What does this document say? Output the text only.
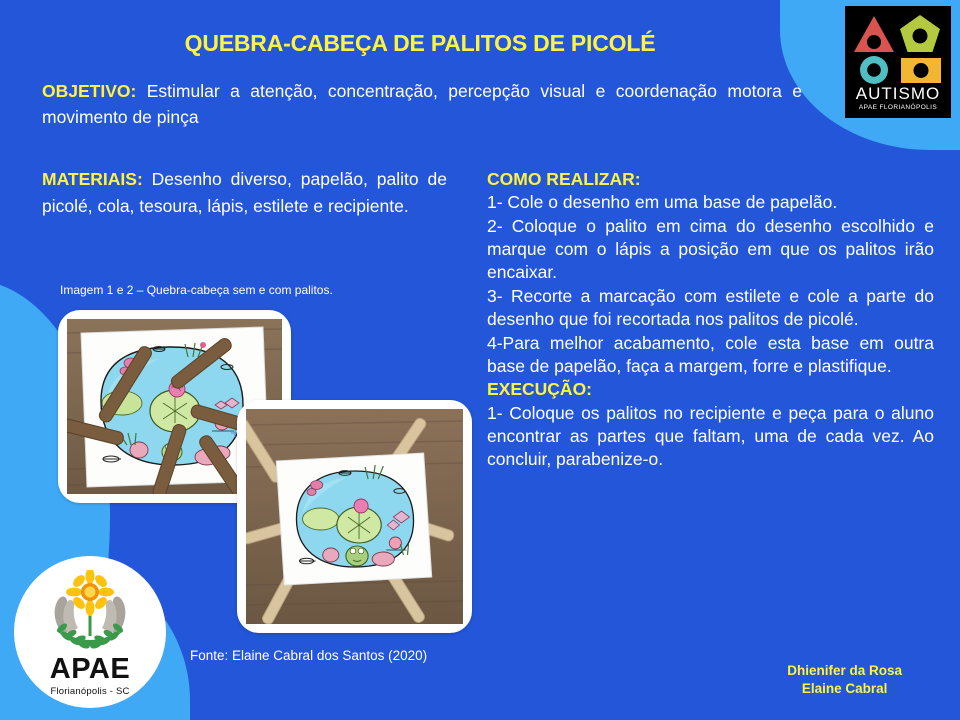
AUTISMO
APAE FLORIANÓPOLIS
QUEBRA-CABEÇA DE PALITOS DE PICOLÉ
OBJETIVO: Estimular a atenção, concentração, percepção visual e coordenação motora e movimento de pinça
MATERIAIS: Desenho diverso, papelão, palito de picolé, cola, tesoura, lápis, estilete e recipiente.
Imagem 1 e 2 – Quebra-cabeça sem e com palitos.
Fonte: Elaine Cabral dos Santos (2020)
COMO REALIZAR:

1- Cole o desenho em uma base de papelão.

2- Coloque o palito em cima do desenho escolhido e marque com o lápis a posição em que os palitos irão encaixar.

3- Recorte a marcação com estilete e cole a parte do desenho que foi recortada nos palitos de picolé.

4-Para melhor acabamento, cole esta base em outra base de papelão, faça a margem, forre e plastifique.

EXECUÇÃO:

1- Coloque os palitos no recipiente e peça para o aluno encontrar as partes que faltam, uma de cada vez. Ao concluir, parabenize-o.

APAE
Florianópolis - SC
Dhienifer da Rosa
Elaine Cabral
